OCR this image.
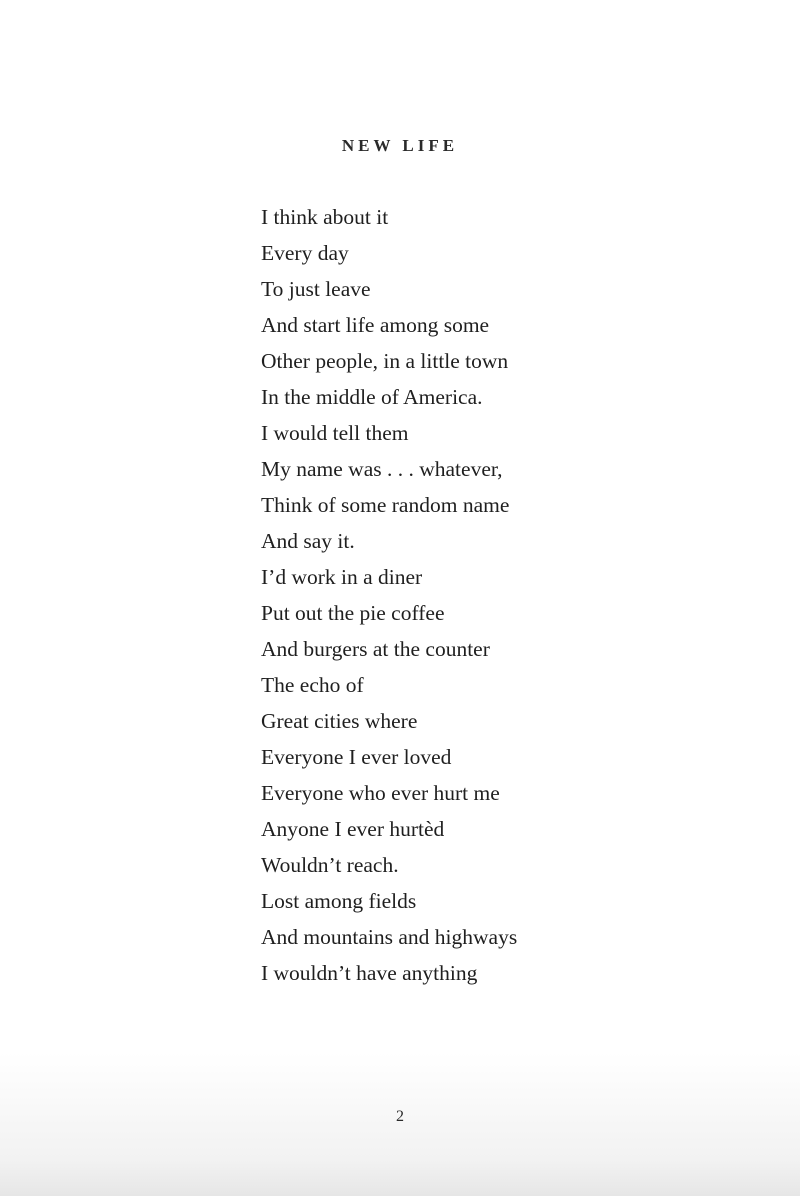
NEW LIFE
I think about it
Every day
To just leave
And start life among some
Other people, in a little town
In the middle of America.
I would tell them
My name was . . . whatever,
Think of some random name
And say it.
I’d work in a diner
Put out the pie coffee
And burgers at the counter
The echo of
Great cities where
Everyone I ever loved
Everyone who ever hurt me
Anyone I ever hurtèd
Wouldn’t reach.
Lost among fields
And mountains and highways
I wouldn’t have anything
2
